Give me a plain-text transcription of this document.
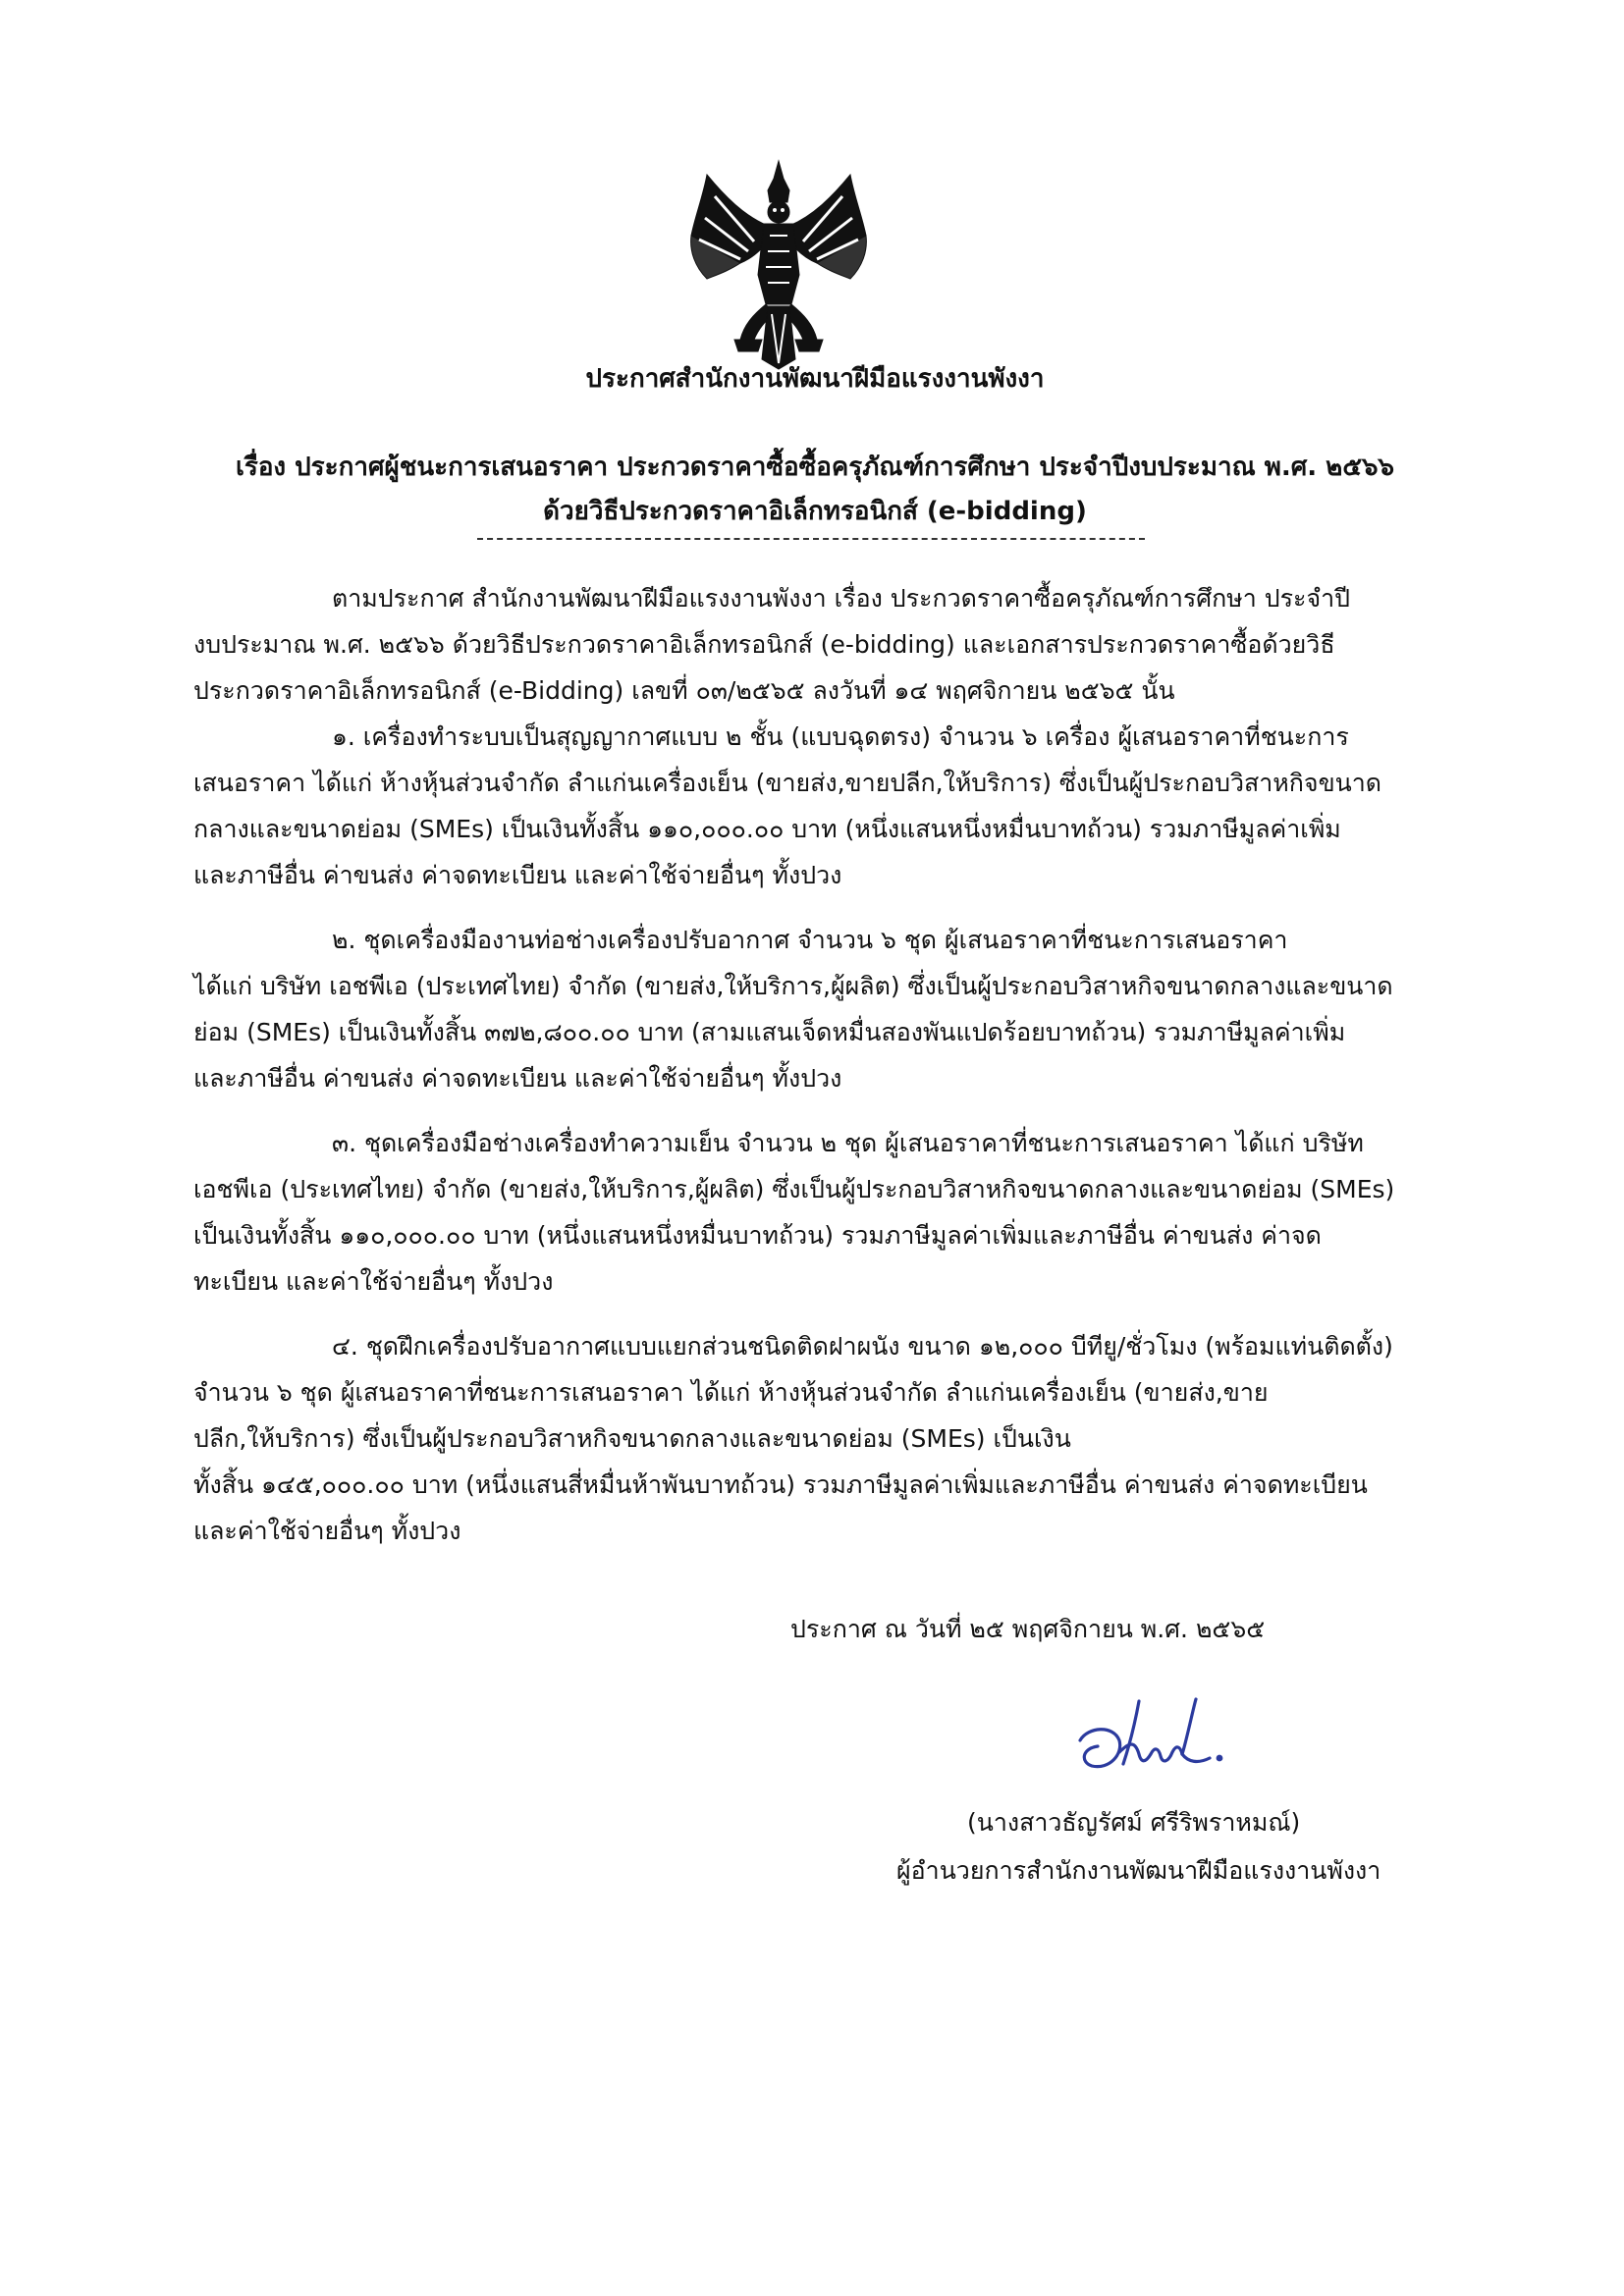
ประกาศสำนักงานพัฒนาฝีมือแรงงานพังงา
เรื่อง ประกาศผู้ชนะการเสนอราคา ประกวดราคาซื้อซื้อครุภัณฑ์การศึกษา ประจำปีงบประมาณ พ.ศ. ๒๕๖๖
ด้วยวิธีประกวดราคาอิเล็กทรอนิกส์ (e-bidding)
ตามประกาศ สำนักงานพัฒนาฝีมือแรงงานพังงา เรื่อง ประกวดราคาซื้อครุภัณฑ์การศึกษา ประจำปี
งบประมาณ พ.ศ. ๒๕๖๖ ด้วยวิธีประกวดราคาอิเล็กทรอนิกส์ (e-bidding) และเอกสารประกวดราคาซื้อด้วยวิธี
ประกวดราคาอิเล็กทรอนิกส์ (e-Bidding) เลขที่ ๐๓/๒๕๖๕ ลงวันที่ ๑๔ พฤศจิกายน ๒๕๖๕ นั้น
๑. เครื่องทำระบบเป็นสุญญากาศแบบ ๒ ชั้น (แบบฉุดตรง) จำนวน ๖ เครื่อง ผู้เสนอราคาที่ชนะการ
เสนอราคา ได้แก่ ห้างหุ้นส่วนจำกัด ลำแก่นเครื่องเย็น (ขายส่ง,ขายปลีก,ให้บริการ) ซึ่งเป็นผู้ประกอบวิสาหกิจขนาด
กลางและขนาดย่อม (SMEs) เป็นเงินทั้งสิ้น ๑๑๐,๐๐๐.๐๐ บาท (หนึ่งแสนหนึ่งหมื่นบาทถ้วน) รวมภาษีมูลค่าเพิ่ม
และภาษีอื่น ค่าขนส่ง ค่าจดทะเบียน และค่าใช้จ่ายอื่นๆ ทั้งปวง
๒. ชุดเครื่องมืองานท่อช่างเครื่องปรับอากาศ จำนวน ๖ ชุด ผู้เสนอราคาที่ชนะการเสนอราคา
ได้แก่ บริษัท เอชพีเอ (ประเทศไทย) จำกัด (ขายส่ง,ให้บริการ,ผู้ผลิต) ซึ่งเป็นผู้ประกอบวิสาหกิจขนาดกลางและขนาด
ย่อม (SMEs) เป็นเงินทั้งสิ้น ๓๗๒,๘๐๐.๐๐ บาท (สามแสนเจ็ดหมื่นสองพันแปดร้อยบาทถ้วน) รวมภาษีมูลค่าเพิ่ม
และภาษีอื่น ค่าขนส่ง ค่าจดทะเบียน และค่าใช้จ่ายอื่นๆ ทั้งปวง
๓. ชุดเครื่องมือช่างเครื่องทำความเย็น จำนวน ๒ ชุด ผู้เสนอราคาที่ชนะการเสนอราคา ได้แก่ บริษัท
เอชพีเอ (ประเทศไทย) จำกัด (ขายส่ง,ให้บริการ,ผู้ผลิต) ซึ่งเป็นผู้ประกอบวิสาหกิจขนาดกลางและขนาดย่อม (SMEs)
เป็นเงินทั้งสิ้น ๑๑๐,๐๐๐.๐๐ บาท (หนึ่งแสนหนึ่งหมื่นบาทถ้วน) รวมภาษีมูลค่าเพิ่มและภาษีอื่น ค่าขนส่ง ค่าจด
ทะเบียน และค่าใช้จ่ายอื่นๆ ทั้งปวง
๔. ชุดฝึกเครื่องปรับอากาศแบบแยกส่วนชนิดติดฝาผนัง ขนาด ๑๒,๐๐๐ บีทียู/ชั่วโมง (พร้อมแท่นติดตั้ง)
จำนวน ๖ ชุด ผู้เสนอราคาที่ชนะการเสนอราคา ได้แก่ ห้างหุ้นส่วนจำกัด ลำแก่นเครื่องเย็น (ขายส่ง,ขาย
ปลีก,ให้บริการ) ซึ่งเป็นผู้ประกอบวิสาหกิจขนาดกลางและขนาดย่อม (SMEs) เป็นเงิน
ทั้งสิ้น ๑๔๕,๐๐๐.๐๐ บาท (หนึ่งแสนสี่หมื่นห้าพันบาทถ้วน) รวมภาษีมูลค่าเพิ่มและภาษีอื่น ค่าขนส่ง ค่าจดทะเบียน
และค่าใช้จ่ายอื่นๆ ทั้งปวง
ประกาศ ณ วันที่ ๒๕ พฤศจิกายน พ.ศ. ๒๕๖๕
(นางสาวธัญรัศม์ ศรีริพราหมณ์)
ผู้อำนวยการสำนักงานพัฒนาฝีมือแรงงานพังงา
